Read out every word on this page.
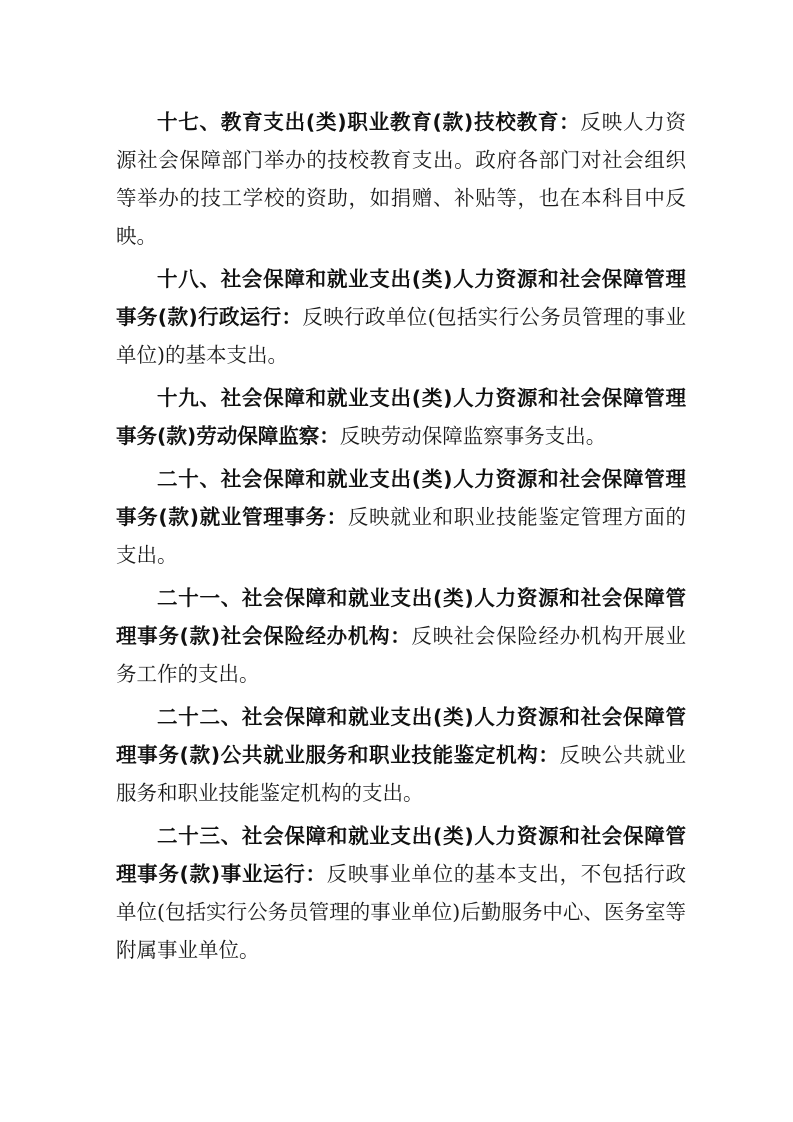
十七、教育支出(类)职业教育(款)技校教育：反映人力资源社会保障部门举办的技校教育支出。政府各部门对社会组织等举办的技工学校的资助，如捐赠、补贴等，也在本科目中反映。

十八、社会保障和就业支出(类)人力资源和社会保障管理事务(款)行政运行：反映行政单位(包括实行公务员管理的事业单位)的基本支出。

十九、社会保障和就业支出(类)人力资源和社会保障管理事务(款)劳动保障监察：反映劳动保障监察事务支出。

二十、社会保障和就业支出(类)人力资源和社会保障管理事务(款)就业管理事务：反映就业和职业技能鉴定管理方面的支出。

二十一、社会保障和就业支出(类)人力资源和社会保障管理事务(款)社会保险经办机构：反映社会保险经办机构开展业务工作的支出。

二十二、社会保障和就业支出(类)人力资源和社会保障管理事务(款)公共就业服务和职业技能鉴定机构：反映公共就业服务和职业技能鉴定机构的支出。

二十三、社会保障和就业支出(类)人力资源和社会保障管理事务(款)事业运行：反映事业单位的基本支出，不包括行政单位(包括实行公务员管理的事业单位)后勤服务中心、医务室等附属事业单位。
